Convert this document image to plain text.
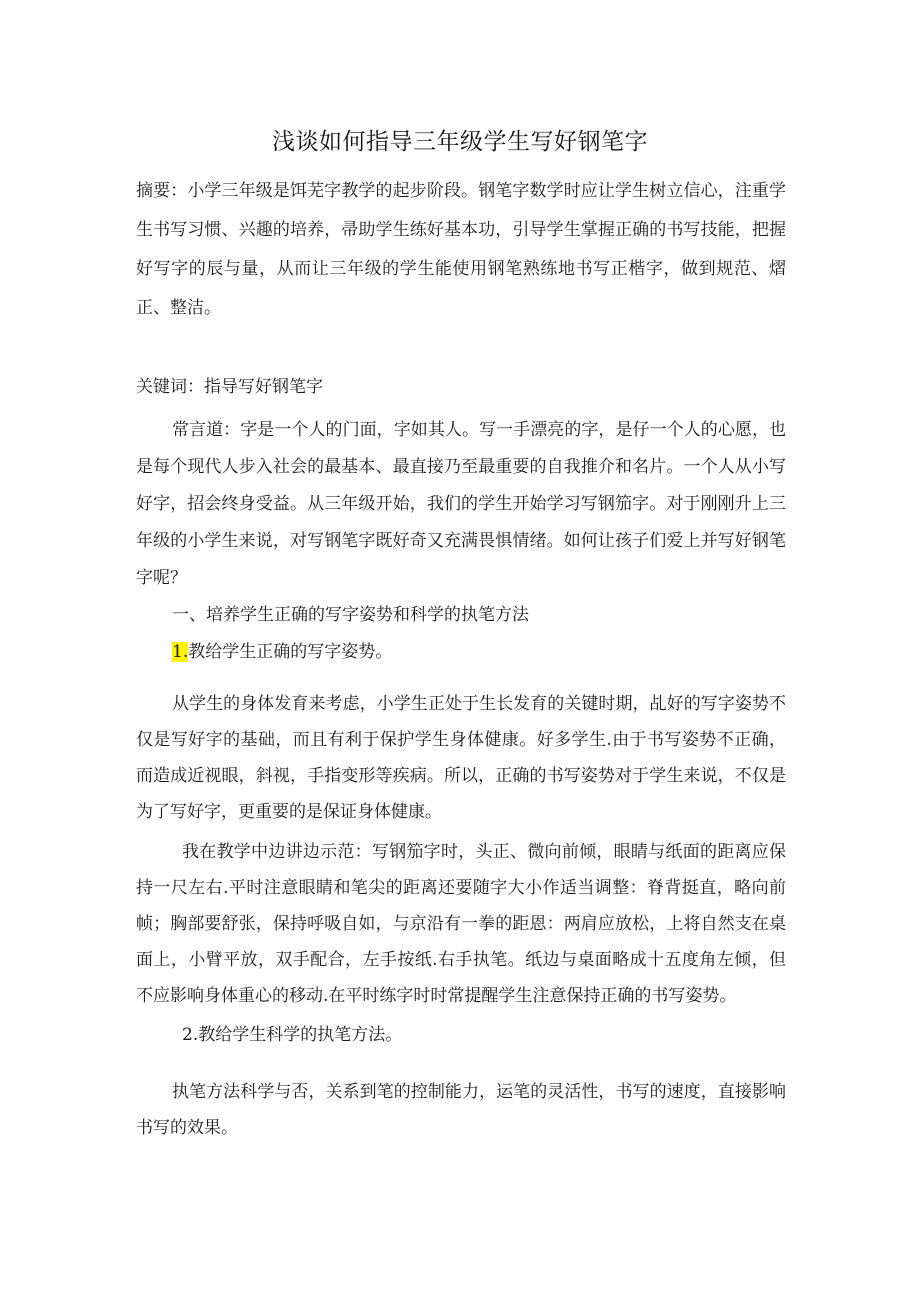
浅谈如何指导三年级学生写好钢笔字

摘要：小学三年级是饵芜字教学的起步阶段。钢笔字数学时应让学生树立信心，注重学生书写习惯、兴趣的培养，帚助学生练好基本功，引导学生掌握正确的书写技能，把握好写字的辰与量，从而让三年级的学生能使用钢笔熟练地书写正楷字，做到规范、熠正、整洁。

关键词：指导写好钢笔字

常言道：字是一个人的门面，字如其人。写一手漂亮的字，是仔一个人的心愿，也是每个现代人步入社会的最基本、最直接乃至最重要的自我推介和名片。一个人从小写好字，招会终身受益。从三年级开始，我们的学生开始学习写钢笳字。对于刚刚升上三年级的小学生来说，对写钢笔字既好奇又充满畏惧情绪。如何让孩子们爱上并写好钢笔字呢？

一、培养学生正确的写字姿势和科学的执笔方法

1.教给学生正确的写字姿势。

从学生的身体发育来考虑，小学生正处于生长发育的关键时期，乩好的写字姿势不仅是写好字的基础，而且有利于保护学生身体健康。好多学生.由于书写姿势不正确，而造成近视眼，斜视，手指变形等疾病。所以，正确的书写姿势对于学生来说，不仅是为了写好字，更重要的是保证身体健康。

我在教学中边讲边示范：写钢笳字时，头正、微向前倾，眼睛与纸面的距离应保持一尺左右.平时注意眼睛和笔尖的距离还要随字大小作适当调整：脊背挺直，略向前帧；胸部要舒张，保持呼吸自如，与京沿有一拳的距恩：两肩应放松，上将自然支在桌面上，小臂平放，双手配合，左手按纸.右手执笔。纸边与桌面略成十五度角左倾，但不应影响身体重心的移动.在平时练字时时常提醒学生注意保持正确的书写姿势。

2.教给学生科学的执笔方法。

执笔方法科学与否，关系到笔的控制能力，运笔的灵活性，书写的速度，直接影响书写的效果。
